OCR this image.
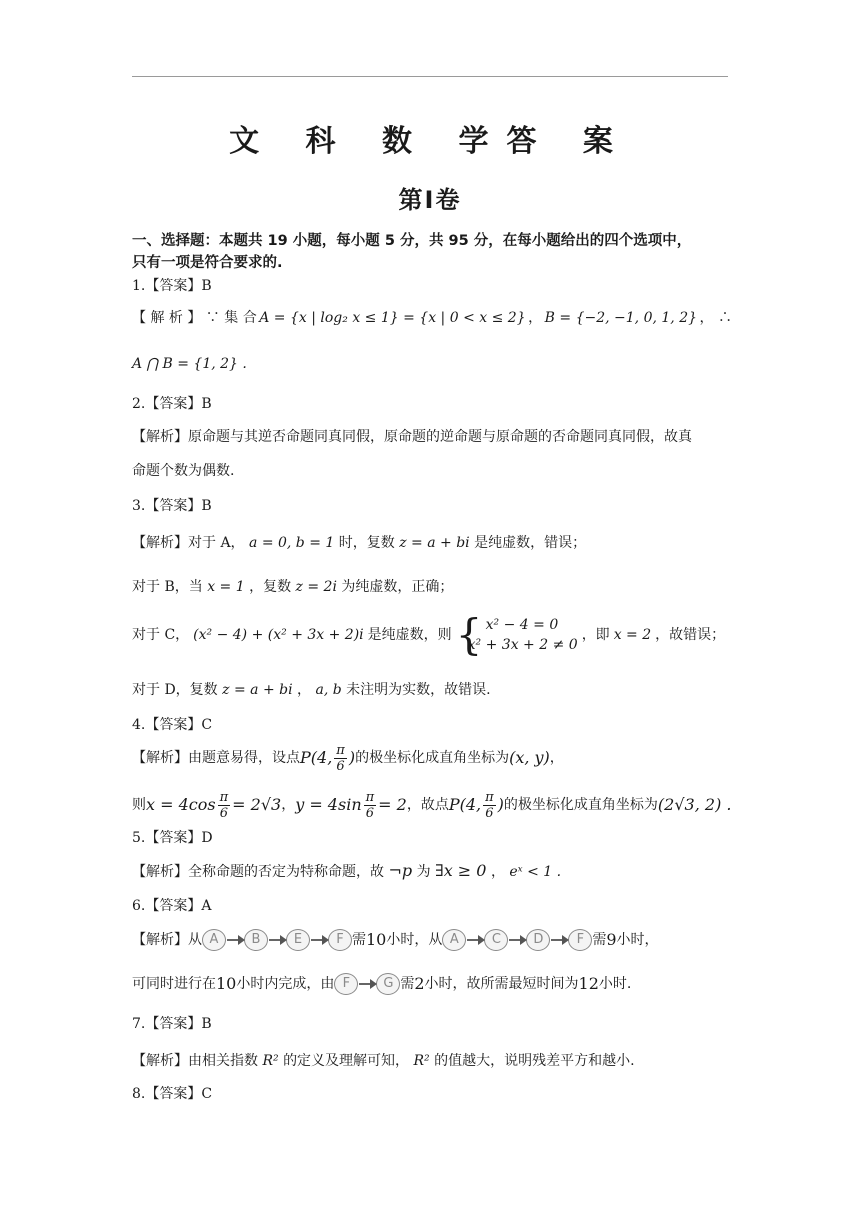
文 科 数 学答 案
第Ⅰ卷
一、选择题：本题共 19 小题，每小题 5 分，共 95 分，在每小题给出的四个选项中，
只有一项是符合要求的.
1.【答案】B
【 解 析 】 ∵ 集 合 A = {x | log₂ x ≤ 1} = {x | 0 < x ≤ 2} ， B = {−2, −1, 0, 1, 2} ， ∴
A ⋂ B = {1, 2} .
2.【答案】B
【解析】原命题与其逆否命题同真同假，原命题的逆命题与原命题的否命题同真同假，故真
命题个数为偶数.
3.【答案】B
【解析】对于 A， a = 0, b = 1 时，复数 z = a + bi 是纯虚数，错误；
对于 B，当 x = 1 ，复数 z = 2i 为纯虚数，正确；
对于 C， (x² − 4) + (x² + 3x + 2)i 是纯虚数，则 { x² − 4 = 0
x² + 3x + 2 ≠ 0
，即 x = 2 ，故错误；
对于 D，复数 z = a + bi ， a, b 未注明为实数，故错误.
4.【答案】C
【解析】由题意易得，设点 P(4, $\frac{\pi}{6}$ ) 的极坐标化成直角坐标为 (x, y) ，
则 $x = 4\cos \frac{\pi}{6} = 2√3$ ， $y = 4\sin \frac{\pi}{6} = 2$ ，故点 P(4, $\frac{\pi}{6}$ ) 的极坐标化成直角坐标为 (2√3, 2) .
5.【答案】D
【解析】全称命题的否定为特称命题，故 ¬p 为 ∃x ≥ 0 ， eˣ < 1 .
6.【答案】A
【解析】从 A	B	E	F 需 10 小时，从 A	C	D	F 需 9 小时，
可同时进行在 10 小时内完成，由 F	G 需 2 小时，故所需最短时间为 12 小时.
7.【答案】B
【解析】由相关指数 R² 的定义及理解可知， R² 的值越大，说明残差平方和越小.
8.【答案】C
